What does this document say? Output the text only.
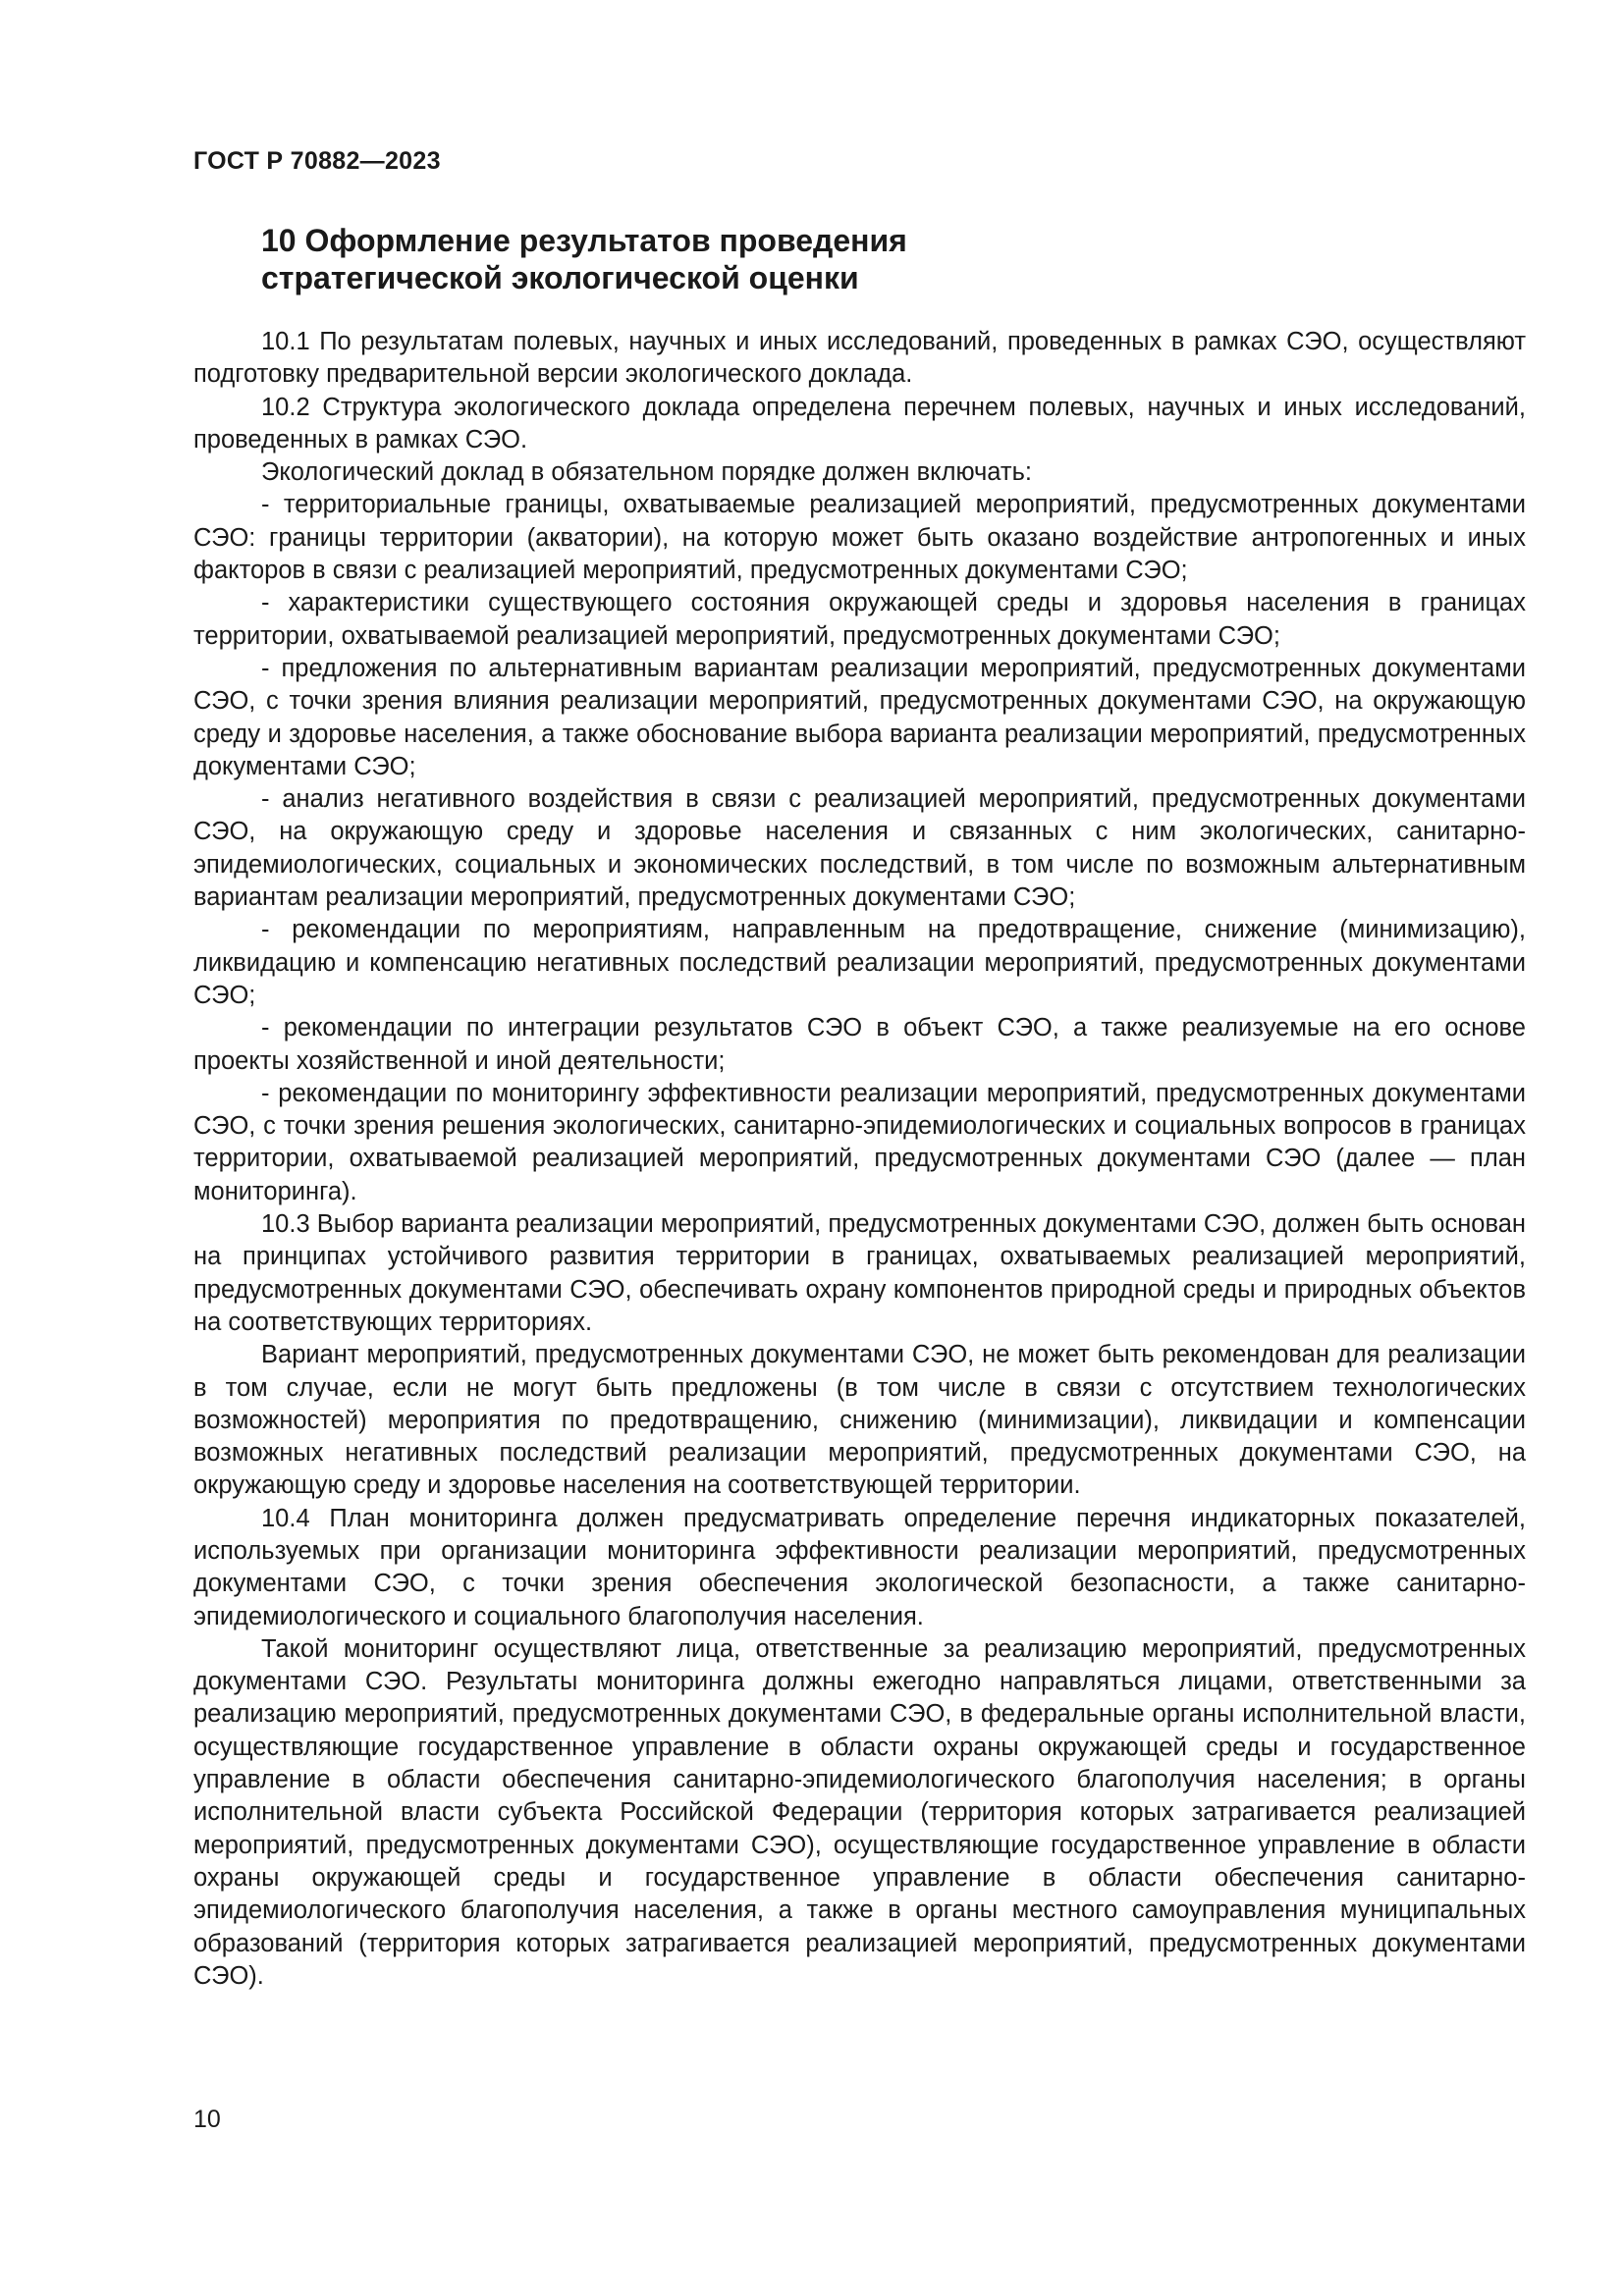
ГОСТ Р 70882—2023
10 Оформление результатов проведения
стратегической экологической оценки

10.1 По результатам полевых, научных и иных исследований, проведенных в рамках СЭО, осуществляют подготовку предварительной версии экологического доклада.

10.2 Структура экологического доклада определена перечнем полевых, научных и иных исследований, проведенных в рамках СЭО.

Экологический доклад в обязательном порядке должен включать:

- территориальные границы, охватываемые реализацией мероприятий, предусмотренных документами СЭО: границы территории (акватории), на которую может быть оказано воздействие антропогенных и иных факторов в связи с реализацией мероприятий, предусмотренных документами СЭО;

- характеристики существующего состояния окружающей среды и здоровья населения в границах территории, охватываемой реализацией мероприятий, предусмотренных документами СЭО;

- предложения по альтернативным вариантам реализации мероприятий, предусмотренных документами СЭО, с точки зрения влияния реализации мероприятий, предусмотренных документами СЭО, на окружающую среду и здоровье населения, а также обоснование выбора варианта реализации мероприятий, предусмотренных документами СЭО;

- анализ негативного воздействия в связи с реализацией мероприятий, предусмотренных документами СЭО, на окружающую среду и здоровье населения и связанных с ним экологических, санитарно-эпидемиологических, социальных и экономических последствий, в том числе по возможным альтернативным вариантам реализации мероприятий, предусмотренных документами СЭО;

- рекомендации по мероприятиям, направленным на предотвращение, снижение (минимизацию), ликвидацию и компенсацию негативных последствий реализации мероприятий, предусмотренных документами СЭО;

- рекомендации по интеграции результатов СЭО в объект СЭО, а также реализуемые на его основе проекты хозяйственной и иной деятельности;

- рекомендации по мониторингу эффективности реализации мероприятий, предусмотренных документами СЭО, с точки зрения решения экологических, санитарно-эпидемиологических и социальных вопросов в границах территории, охватываемой реализацией мероприятий, предусмотренных документами СЭО (далее — план мониторинга).

10.3 Выбор варианта реализации мероприятий, предусмотренных документами СЭО, должен быть основан на принципах устойчивого развития территории в границах, охватываемых реализацией мероприятий, предусмотренных документами СЭО, обеспечивать охрану компонентов природной среды и природных объектов на соответствующих территориях.

Вариант мероприятий, предусмотренных документами СЭО, не может быть рекомендован для реализации в том случае, если не могут быть предложены (в том числе в связи с отсутствием технологических возможностей) мероприятия по предотвращению, снижению (минимизации), ликвидации и компенсации возможных негативных последствий реализации мероприятий, предусмотренных документами СЭО, на окружающую среду и здоровье населения на соответствующей территории.

10.4 План мониторинга должен предусматривать определение перечня индикаторных показателей, используемых при организации мониторинга эффективности реализации мероприятий, предусмотренных документами СЭО, с точки зрения обеспечения экологической безопасности, а также санитарно-эпидемиологического и социального благополучия населения.

Такой мониторинг осуществляют лица, ответственные за реализацию мероприятий, предусмотренных документами СЭО. Результаты мониторинга должны ежегодно направляться лицами, ответственными за реализацию мероприятий, предусмотренных документами СЭО, в федеральные органы исполнительной власти, осуществляющие государственное управление в области охраны окружающей среды и государственное управление в области обеспечения санитарно-эпидемиологического благополучия населения; в органы исполнительной власти субъекта Российской Федерации (территория которых затрагивается реализацией мероприятий, предусмотренных документами СЭО), осуществляющие государственное управление в области охраны окружающей среды и государственное управление в области обеспечения санитарно-эпидемиологического благополучия населения, а также в органы местного самоуправления муниципальных образований (территория которых затрагивается реализацией мероприятий, предусмотренных документами СЭО).

10
